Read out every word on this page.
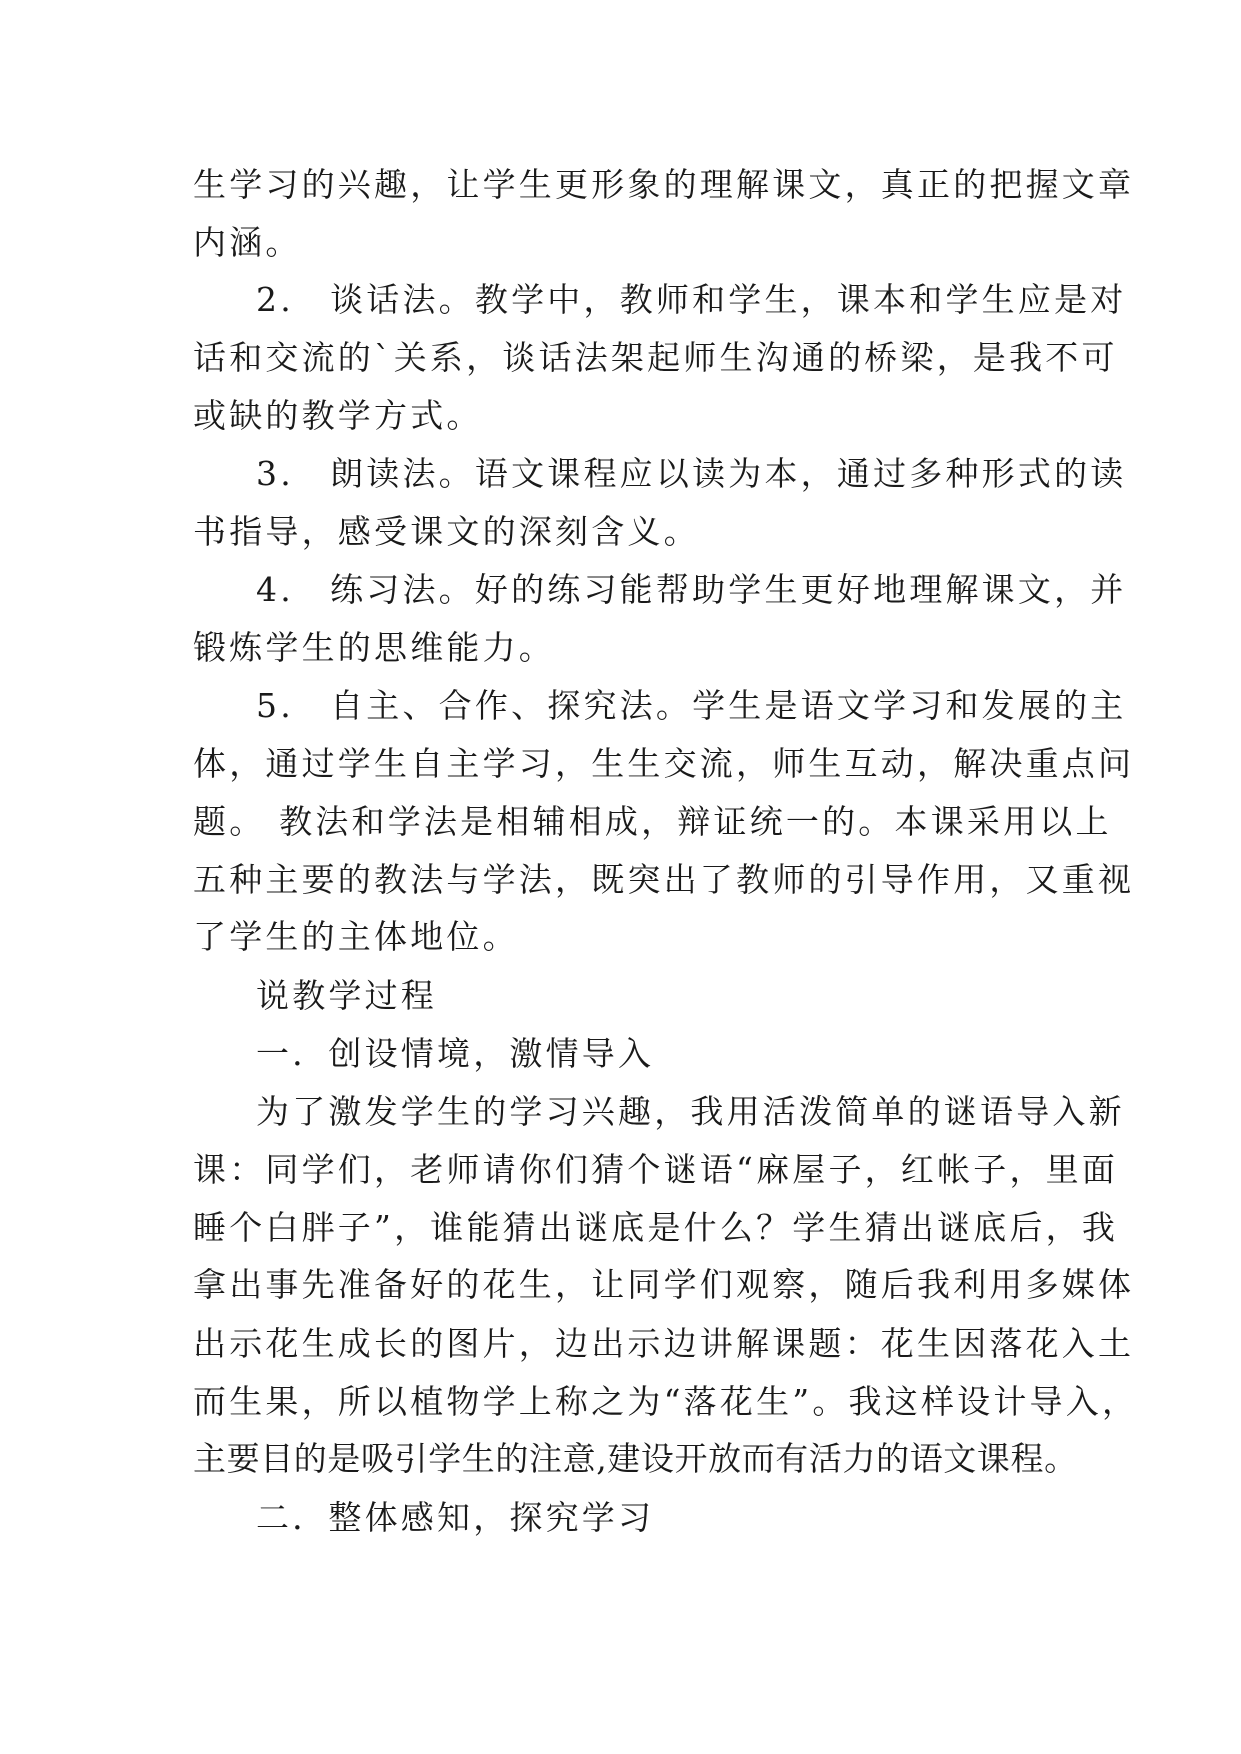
生学习的兴趣，让学生更形象的理解课文，真正的把握文章

内涵。

2.　谈话法。教学中，教师和学生，课本和学生应是对

话和交流的`关系，谈话法架起师生沟通的桥梁，是我不可

或缺的教学方式。

3.　朗读法。语文课程应以读为本，通过多种形式的读

书指导，感受课文的深刻含义。

4.　练习法。好的练习能帮助学生更好地理解课文，并

锻炼学生的思维能力。

5.　自主、合作、探究法。学生是语文学习和发展的主

体，通过学生自主学习，生生交流，师生互动，解决重点问

题。 教法和学法是相辅相成，辩证统一的。本课采用以上

五种主要的教法与学法，既突出了教师的引导作用，又重视

了学生的主体地位。

说教学过程

一．创设情境，激情导入

为了激发学生的学习兴趣，我用活泼简单的谜语导入新

课：同学们，老师请你们猜个谜语“麻屋子，红帐子，里面

睡个白胖子”，谁能猜出谜底是什么？学生猜出谜底后，我

拿出事先准备好的花生，让同学们观察，随后我利用多媒体

出示花生成长的图片，边出示边讲解课题：花生因落花入土

而生果，所以植物学上称之为“落花生”。我这样设计导入，

主要目的是吸引学生的注意,建设开放而有活力的语文课程。

二．整体感知，探究学习
